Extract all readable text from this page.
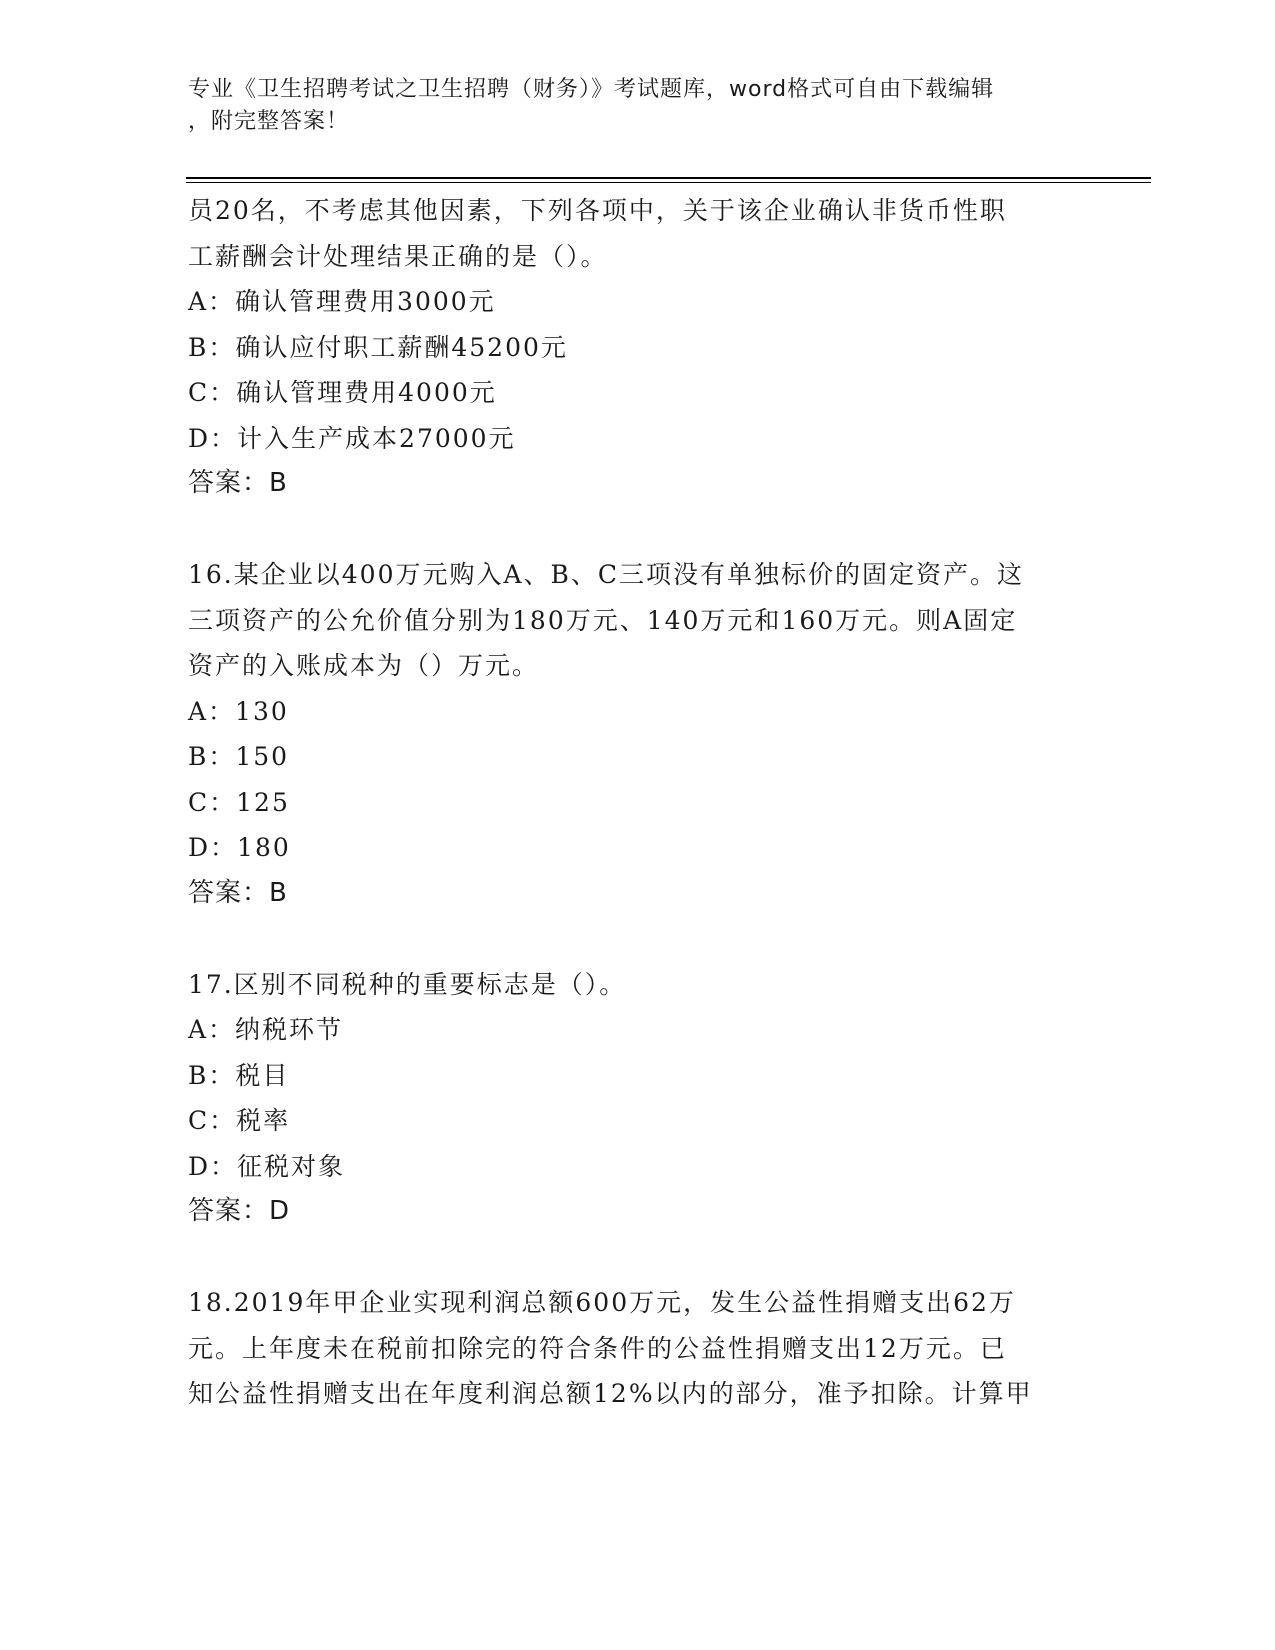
专业《卫生招聘考试之卫生招聘（财务）》考试题库，word格式可自由下载编辑
，附完整答案！
员20名，不考虑其他因素，下列各项中，关于该企业确认非货币性职
工薪酬会计处理结果正确的是（）。
A：确认管理费用3000元
B：确认应付职工薪酬45200元
C：确认管理费用4000元
D：计入生产成本27000元
答案：B
16.某企业以400万元购入A、B、C三项没有单独标价的固定资产。这
三项资产的公允价值分别为180万元、140万元和160万元。则A固定
资产的入账成本为（）万元。
A：130
B：150
C：125
D：180
答案：B
17.区别不同税种的重要标志是（）。
A：纳税环节
B：税目
C：税率
D：征税对象
答案：D
18.2019年甲企业实现利润总额600万元，发生公益性捐赠支出62万
元。上年度未在税前扣除完的符合条件的公益性捐赠支出12万元。已
知公益性捐赠支出在年度利润总额12%以内的部分，准予扣除。计算甲
